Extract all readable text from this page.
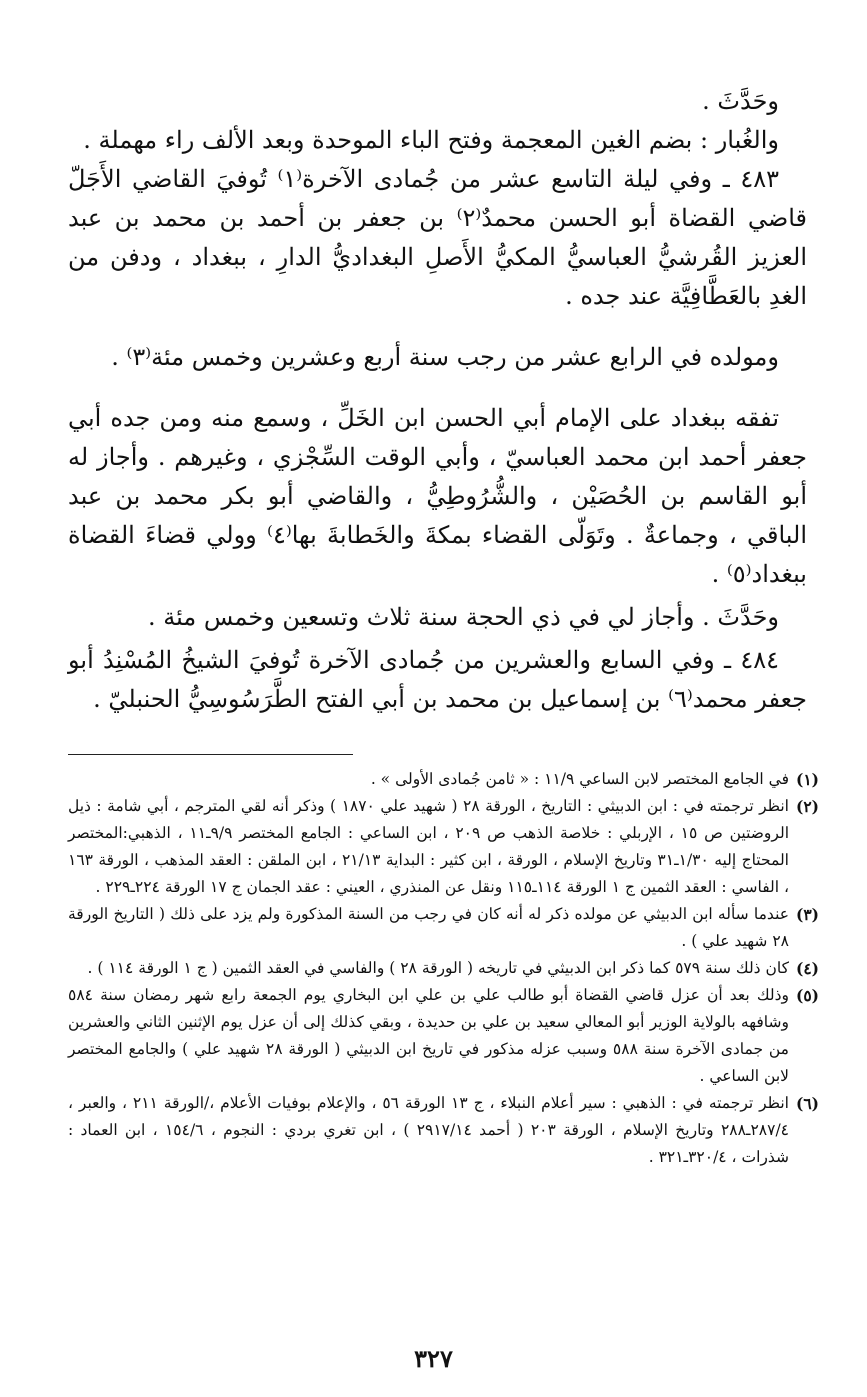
وحَدَّثَ .

والغُبار : بضم الغين المعجمة وفتح الباء الموحدة وبعد الألف راء مهملة .

٤٨٣ ـ وفي ليلة التاسع عشر من جُمادى الآخرة⁽١⁾ تُوفيَ القاضي الأَجَلّ قاضي القضاة أبو الحسن محمدٌ⁽٢⁾ بن جعفر بن أحمد بن محمد بن عبد العزيز القُرشيُّ العباسيُّ المكيُّ الأَصلِ البغداديُّ الدارِ ، ببغداد ، ودفن من الغدِ بالعَطَّافِيَّة عند جده .

ومولده في الرابع عشر من رجب سنة أربع وعشرين وخمس مئة⁽٣⁾ .

تفقه ببغداد على الإمام أبي الحسن ابن الخَلِّ ، وسمع منه ومن جده أبي جعفر أحمد ابن محمد العباسيّ ، وأبي الوقت السِّجْزي ، وغيرهم . وأجاز له أبو القاسم بن الحُصَيْن ، والشُّرُوطِيُّ ، والقاضي أبو بكر محمد بن عبد الباقي ، وجماعةٌ . وتَوَلّى القضاء بمكةَ والخَطابةَ بها⁽٤⁾ وولي قضاءَ القضاة ببغداد⁽٥⁾ .

وحَدَّثَ . وأجاز لي في ذي الحجة سنة ثلاث وتسعين وخمس مئة .

٤٨٤ ـ وفي السابع والعشرين من جُمادى الآخرة تُوفيَ الشيخُ المُسْنِدُ أبو جعفر محمد⁽٦⁾ بن إسماعيل بن محمد بن أبي الفتح الطَّرَسُوسِيُّ الحنبليّ .

(١)
في الجامع المختصر لابن الساعي ١١/٩ : « ثامن جُمادى الأولى » .

(٢)
انظر ترجمته في : ابن الدبيثي : التاريخ ، الورقة ٢٨ ( شهيد علي ١٨٧٠ ) وذكر أنه لقي المترجم ، أبي شامة : ذيل الروضتين ص ١٥ ، الإربلي : خلاصة الذهب ص ٢٠٩ ، ابن الساعي : الجامع المختصر ٩/٩ـ١١ ، الذهبي:المختصر المحتاج إليه ١/٣٠ـ٣١ وتاريخ الإسلام ، الورقة ، ابن كثير : البداية ٢١/١٣ ، ابن الملقن : العقد المذهب ، الورقة ١٦٣ ، الفاسي : العقد الثمين ج ١ الورقة ١١٤ـ١١٥ ونقل عن المنذري ، العيني : عقد الجمان ج ١٧ الورقة ٢٢٤ـ٢٢٩ .

(٣)
عندما سأله ابن الدبيثي عن مولده ذكر له أنه كان في رجب من السنة المذكورة ولم يزد على ذلك ( التاريخ الورقة ٢٨ شهيد علي ) .

(٤)
كان ذلك سنة ٥٧٩ كما ذكر ابن الدبيثي في تاريخه ( الورقة ٢٨ ) والفاسي في العقد الثمين ( ج ١ الورقة ١١٤ ) .

(٥)
وذلك بعد أن عزل قاضي القضاة أبو طالب علي بن علي ابن البخاري يوم الجمعة رابع شهر رمضان سنة ٥٨٤ وشافهه بالولاية الوزير أبو المعالي سعيد بن علي بن حديدة ، وبقي كذلك إلى أن عزل يوم الإثنين الثاني والعشرين من جمادى الآخرة سنة ٥٨٨ وسبب عزله مذكور في تاريخ ابن الدبيثي ( الورقة ٢٨ شهيد علي ) والجامع المختصر لابن الساعي .

(٦)
انظر ترجمته في : الذهبي : سير أعلام النبلاء ، ج ١٣ الورقة ٥٦ ، والإعلام بوفيات الأعلام ،/الورقة ٢١١ ، والعبر ، ٢٨٧/٤ـ٢٨٨ وتاريخ الإسلام ، الورقة ٢٠٣ ( أحمد ٢٩١٧/١٤ ) ، ابن تغري بردي : النجوم ، ١٥٤/٦ ، ابن العماد : شذرات ، ٣٢٠/٤ـ٣٢١ .

٣٢٧
